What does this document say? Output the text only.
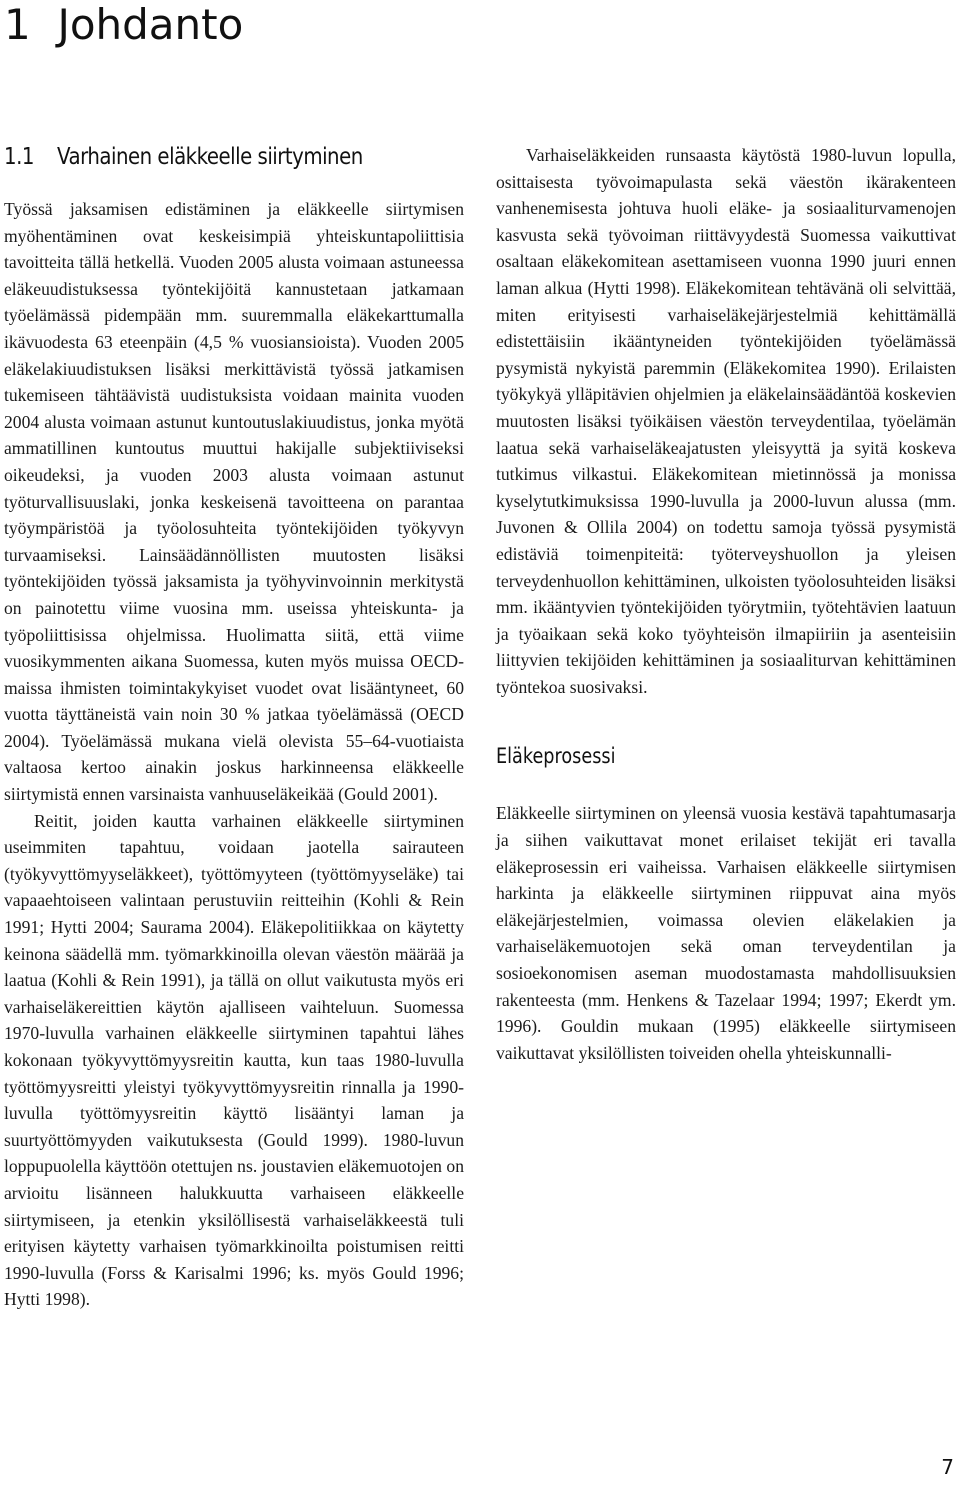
1 Johdanto
1.1 Varhainen eläkkeelle siirtyminen

Työssä jaksamisen edistäminen ja eläkkeelle siirtymisen myöhentäminen ovat keskeisimpiä yhteiskuntapoliittisia tavoitteita tällä hetkellä. Vuoden 2005 alusta voimaan astuneessa eläkeuudistuksessa työntekijöitä kannustetaan jatkamaan työelämässä pidempään mm. suuremmalla eläkekarttumalla ikävuodesta 63 eteenpäin (4,5 % vuosiansioista). Vuoden 2005 eläkelakiuudistuksen lisäksi merkittävistä työssä jatkamisen tukemiseen tähtäävistä uudistuksista voidaan mainita vuoden 2004 alusta voimaan astunut kuntoutuslakiuudistus, jonka myötä ammatillinen kuntoutus muuttui hakijalle subjektiiviseksi oikeudeksi, ja vuoden 2003 alusta voimaan astunut työturvallisuuslaki, jonka keskeisenä tavoitteena on parantaa työympäristöä ja työolosuhteita työntekijöiden työkyvyn turvaamiseksi. Lainsäädännöllisten muutosten lisäksi työntekijöiden työssä jaksamista ja työhyvinvoinnin merkitystä on painotettu viime vuosina mm. useissa yhteiskunta- ja työpoliittisissa ohjelmissa. Huolimatta siitä, että viime vuosikymmenten aikana Suomessa, kuten myös muissa OECD-maissa ihmisten toimintakykyiset vuodet ovat lisääntyneet, 60 vuotta täyttäneistä vain noin 30 % jatkaa työelämässä (OECD 2004). Työelämässä mukana vielä olevista 55–64-vuotiaista valtaosa kertoo ainakin joskus harkinneensa eläkkeelle siirtymistä ennen varsinaista vanhuuseläkeikää (Gould 2001).

Reitit, joiden kautta varhainen eläkkeelle siirtyminen useimmiten tapahtuu, voidaan jaotella sairauteen (työkyvyttömyyseläkkeet), työttömyyteen (työttömyyseläke) tai vapaaehtoiseen valintaan perustuviin reitteihin (Kohli & Rein 1991; Hytti 2004; Saurama 2004). Eläkepolitiikkaa on käytetty keinona säädellä mm. työmarkkinoilla olevan väestön määrää ja laatua (Kohli & Rein 1991), ja tällä on ollut vaikutusta myös eri varhaiseläkereittien käytön ajalliseen vaihteluun. Suomessa 1970-luvulla varhainen eläkkeelle siirtyminen tapahtui lähes kokonaan työkyvyttömyysreitin kautta, kun taas 1980-luvulla työttömyysreitti yleistyi työkyvyttömyysreitin rinnalla ja 1990-luvulla työttömyysreitin käyttö lisääntyi laman ja suurtyöttömyyden vaikutuksesta (Gould 1999). 1980-luvun loppupuolella käyttöön otettujen ns. joustavien eläkemuotojen on arvioitu lisänneen halukkuutta varhaiseen eläkkeelle siirtymiseen, ja etenkin yksilöllisestä varhaiseläkkeestä tuli erityisen käytetty varhaisen työmarkkinoilta poistumisen reitti 1990-luvulla (Forss & Karisalmi 1996; ks. myös Gould 1996; Hytti 1998).

Varhaiseläkkeiden runsaasta käytöstä 1980-luvun lopulla, osittaisesta työvoimapulasta sekä väestön ikärakenteen vanhenemisesta johtuva huoli eläke- ja sosiaaliturvamenojen kasvusta sekä työvoiman riittävyydestä Suomessa vaikuttivat osaltaan eläkekomitean asettamiseen vuonna 1990 juuri ennen laman alkua (Hytti 1998). Eläkekomitean tehtävänä oli selvittää, miten erityisesti varhaiseläkejärjestelmiä kehittämällä edistettäisiin ikääntyneiden työntekijöiden työelämässä pysymistä nykyistä paremmin (Eläkekomitea 1990). Erilaisten työkykyä ylläpitävien ohjelmien ja eläkelainsäädäntöä koskevien muutosten lisäksi työikäisen väestön terveydentilaa, työelämän laatua sekä varhaiseläkeajatusten yleisyyttä ja syitä koskeva tutkimus vilkastui. Eläkekomitean mietinnössä ja monissa kyselytutkimuksissa 1990-luvulla ja 2000-luvun alussa (mm. Juvonen & Ollila 2004) on todettu samoja työssä pysymistä edistäviä toimenpiteitä: työterveyshuollon ja yleisen terveydenhuollon kehittäminen, ulkoisten työolosuhteiden lisäksi mm. ikääntyvien työntekijöiden työrytmiin, työtehtävien laatuun ja työaikaan sekä koko työyhteisön ilmapiiriin ja asenteisiin liittyvien tekijöiden kehittäminen ja sosiaaliturvan kehittäminen työntekoa suosivaksi.

Eläkeprosessi

Eläkkeelle siirtyminen on yleensä vuosia kestävä tapahtumasarja ja siihen vaikuttavat monet erilaiset tekijät eri tavalla eläkeprosessin eri vaiheissa. Varhaisen eläkkeelle siirtymisen harkinta ja eläkkeelle siirtyminen riippuvat aina myös eläkejärjestelmien, voimassa olevien eläkelakien ja varhaiseläkemuotojen sekä oman terveydentilan ja sosioekonomisen aseman muodostamasta mahdollisuuksien rakenteesta (mm. Henkens & Tazelaar 1994; 1997; Ekerdt ym. 1996). Gouldin mukaan (1995) eläkkeelle siirtymiseen vaikuttavat yksilöllisten toiveiden ohella yhteiskunnalli-

7
